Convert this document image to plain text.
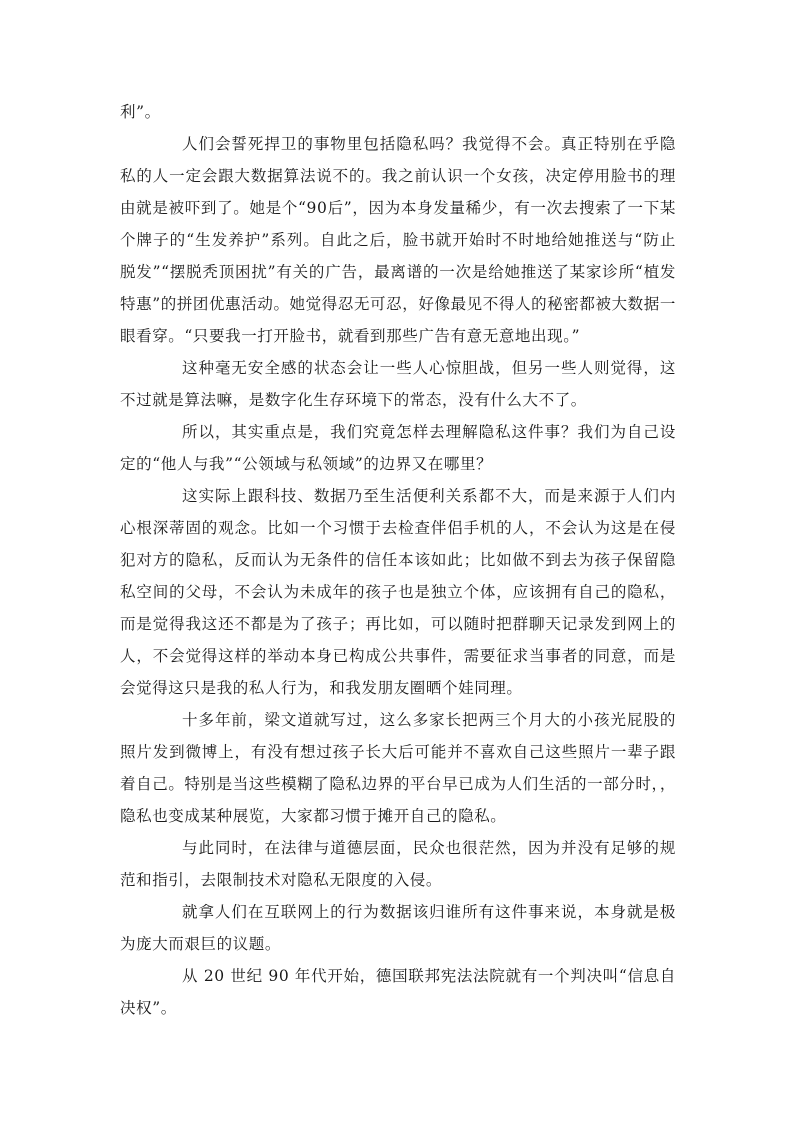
利”。

人们会誓死捍卫的事物里包括隐私吗？我觉得不会。真正特别在乎隐私的人一定会跟大数据算法说不的。我之前认识一个女孩，决定停用脸书的理由就是被吓到了。她是个“90后”，因为本身发量稀少，有一次去搜索了一下某个牌子的“生发养护”系列。自此之后，脸书就开始时不时地给她推送与“防止脱发”“摆脱秃顶困扰”有关的广告，最离谱的一次是给她推送了某家诊所“植发特惠”的拼团优惠活动。她觉得忍无可忍，好像最见不得人的秘密都被大数据一眼看穿。“只要我一打开脸书，就看到那些广告有意无意地出现。”

这种毫无安全感的状态会让一些人心惊胆战，但另一些人则觉得，这不过就是算法嘛，是数字化生存环境下的常态，没有什么大不了。

所以，其实重点是，我们究竟怎样去理解隐私这件事？我们为自己设定的“他人与我”“公领域与私领域”的边界又在哪里？

这实际上跟科技、数据乃至生活便利关系都不大，而是来源于人们内心根深蒂固的观念。比如一个习惯于去检查伴侣手机的人，不会认为这是在侵犯对方的隐私，反而认为无条件的信任本该如此；比如做不到去为孩子保留隐私空间的父母，不会认为未成年的孩子也是独立个体，应该拥有自己的隐私，而是觉得我这还不都是为了孩子；再比如，可以随时把群聊天记录发到网上的人，不会觉得这样的举动本身已构成公共事件，需要征求当事者的同意，而是会觉得这只是我的私人行为，和我发朋友圈晒个娃同理。

十多年前，梁文道就写过，这么多家长把两三个月大的小孩光屁股的照片发到微博上，有没有想过孩子长大后可能并不喜欢自己这些照片一辈子跟着自己。特别是当这些模糊了隐私边界的平台早已成为人们生活的一部分时，，隐私也变成某种展览，大家都习惯于摊开自己的隐私。

与此同时，在法律与道德层面，民众也很茫然，因为并没有足够的规范和指引，去限制技术对隐私无限度的入侵。

就拿人们在互联网上的行为数据该归谁所有这件事来说，本身就是极为庞大而艰巨的议题。

从 20 世纪 90 年代开始，德国联邦宪法法院就有一个判决叫“信息自决权”。
